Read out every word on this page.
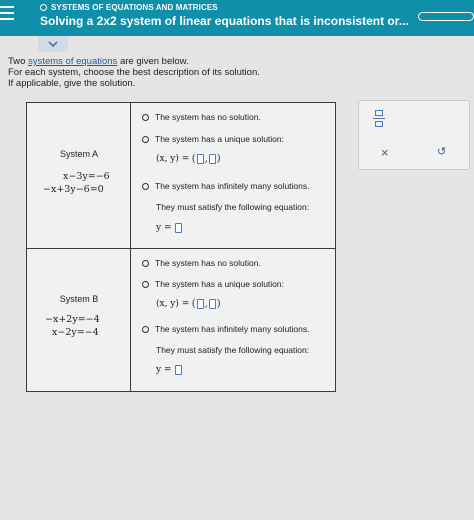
SYSTEMS OF EQUATIONS AND MATRICES
Solving a 2x2 system of linear equations that is inconsistent or...
Two systems of equations are given below.
For each system, choose the best description of its solution.
If applicable, give the solution.
System A
x−3y=−6
−x+3y−6=0
The system has no solution.
The system has a unique solution:
(x, y) = ( , )
The system has infinitely many solutions.
They must satisfy the following equation:
y =
System B
−x+2y=−4
x−2y=−4
The system has no solution.
The system has a unique solution:
(x, y) = ( , )
The system has infinitely many solutions.
They must satisfy the following equation:
y =
×	↺
